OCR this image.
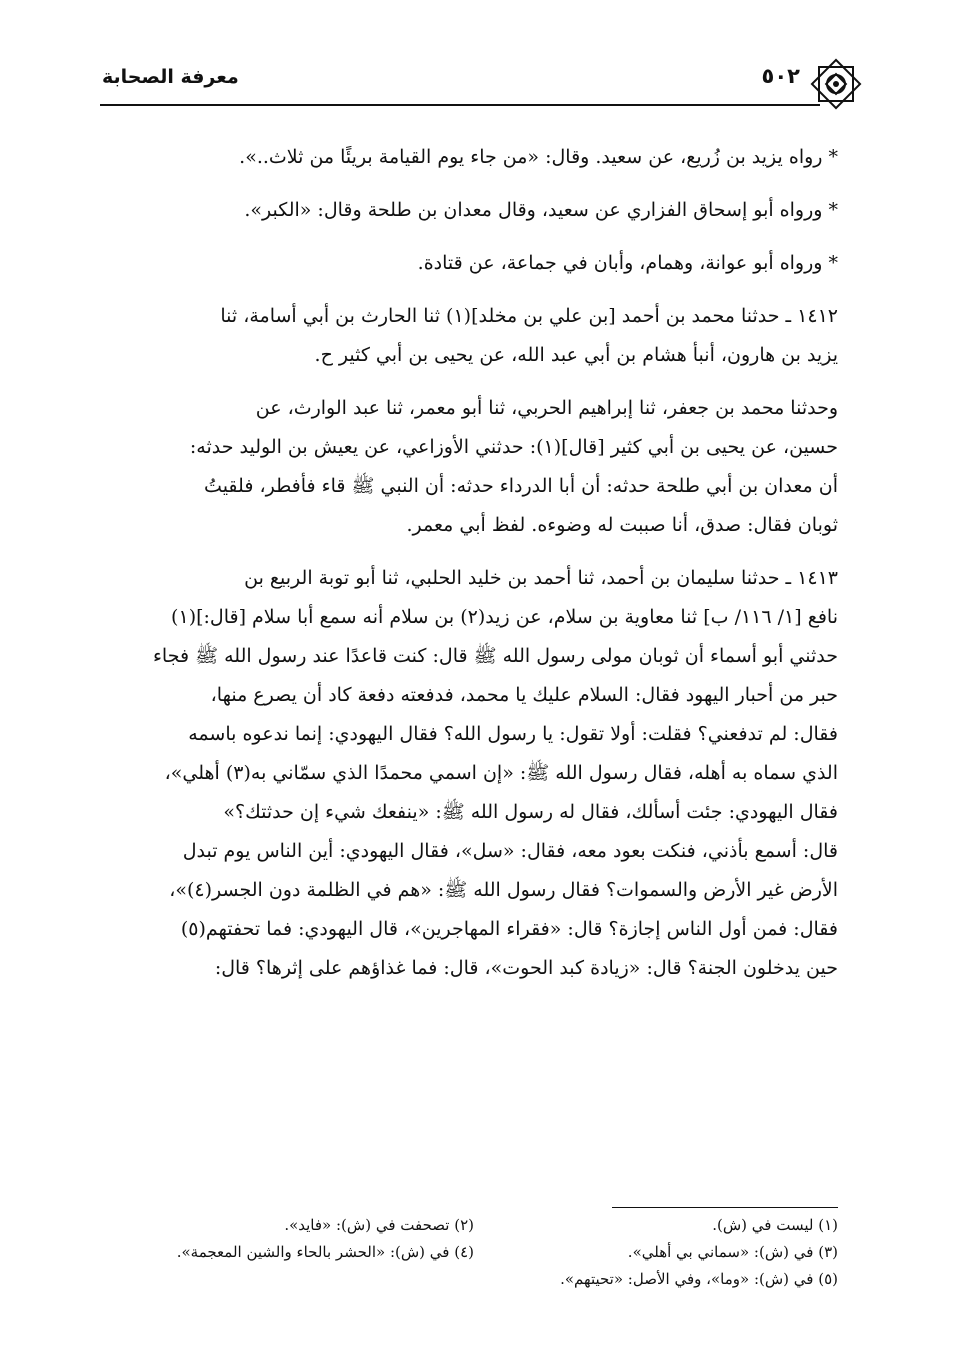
٥٠٢
معرفة الصحابة
* رواه يزيد بن زُريع، عن سعيد. وقال: «من جاء يوم القيامة بريئًا من ثلاث..».
* ورواه أبو إسحاق الفزاري عن سعيد، وقال معدان بن طلحة وقال: «الكبر».
* ورواه أبو عوانة، وهمام، وأبان في جماعة، عن قتادة.
١٤١٢ ـ حدثنا محمد بن أحمد [بن علي بن مخلد](١) ثنا الحارث بن أبي أسامة، ثنا
يزيد بن هارون، أنبأ هشام بن أبي عبد الله، عن يحيى بن أبي كثير ح.
وحدثنا محمد بن جعفر، ثنا إبراهيم الحربي، ثنا أبو معمر، ثنا عبد الوارث، عن
حسين، عن يحيى بن أبي كثير [قال](١): حدثني الأوزاعي، عن يعيش بن الوليد حدثه:
أن معدان بن أبي طلحة حدثه: أن أبا الدرداء حدثه: أن النبي ﷺ قاء فأفطر، فلقيتُ
ثوبان فقال: صدق، أنا صببت له وضوءه. لفظ أبي معمر.
١٤١٣ ـ حدثنا سليمان بن أحمد، ثنا أحمد بن خليد الحلبي، ثنا أبو توبة الربيع بن
نافع [١/ ١١٦/ ب] ثنا معاوية بن سلام، عن زيد(٢) بن سلام أنه سمع أبا سلام [قال:](١)
حدثني أبو أسماء أن ثوبان مولى رسول الله ﷺ قال: كنت قاعدًا عند رسول الله ﷺ فجاء
حبر من أحبار اليهود فقال: السلام عليك يا محمد، فدفعته دفعة كاد أن يصرع منها،
فقال: لم تدفعني؟ فقلت: أولا تقول: يا رسول الله؟ فقال اليهودي: إنما ندعوه باسمه
الذي سماه به أهله، فقال رسول الله ﷺ: «إن اسمي محمدًا الذي سمّاني به(٣) أهلي»،
فقال اليهودي: جئت أسألك، فقال له رسول الله ﷺ: «ينفعك شيء إن حدثتك؟»
قال: أسمع بأذني، فنكت بعود معه، فقال: «سل»، فقال اليهودي: أين الناس يوم تبدل
الأرض غير الأرض والسموات؟ فقال رسول الله ﷺ: «هم في الظلمة دون الجسر(٤)»،
فقال: فمن أول الناس إجازة؟ قال: «فقراء المهاجرين»، قال اليهودي: فما تحفتهم(٥)
حين يدخلون الجنة؟ قال: «زيادة كبد الحوت»، قال: فما غذاؤهم على إثرها؟ قال:
(١) ليست في (ش).
(٢) تصحفت في (ش): «فايد».
(٣) في (ش): «سماني بي أهلي».
(٤) في (ش): «الحشر بالحاء والشين المعجمة».
(٥) في (ش): «وما»، وفي الأصل: «تحيتهم».
